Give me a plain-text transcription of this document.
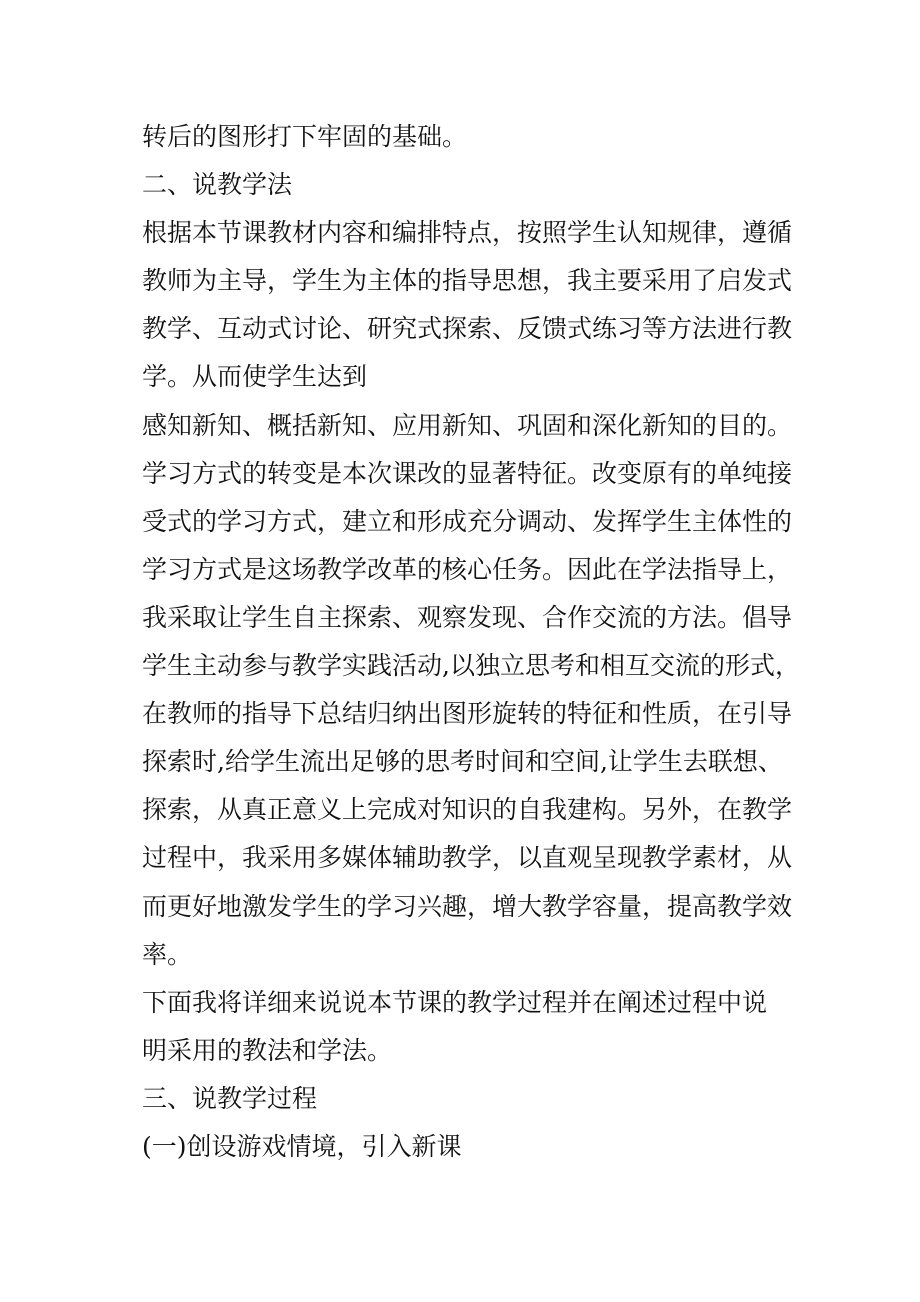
转后的图形打下牢固的基础。
二、说教学法
根据本节课教材内容和编排特点，按照学生认知规律，遵循
教师为主导，学生为主体的指导思想，我主要采用了启发式
教学、互动式讨论、研究式探索、反馈式练习等方法进行教
学。从而使学生达到
感知新知、概括新知、应用新知、巩固和深化新知的目的。
学习方式的转变是本次课改的显著特征。改变原有的单纯接
受式的学习方式，建立和形成充分调动、发挥学生主体性的
学习方式是这场教学改革的核心任务。因此在学法指导上，
我采取让学生自主探索、观察发现、合作交流的方法。倡导
学生主动参与教学实践活动,以独立思考和相互交流的形式，
在教师的指导下总结归纳出图形旋转的特征和性质，在引导
探索时,给学生流出足够的思考时间和空间,让学生去联想、
探索，从真正意义上完成对知识的自我建构。另外，在教学
过程中，我采用多媒体辅助教学，以直观呈现教学素材，从
而更好地激发学生的学习兴趣，增大教学容量，提高教学效
率。
下面我将详细来说说本节课的教学过程并在阐述过程中说
明采用的教法和学法。
三、说教学过程
(一)创设游戏情境，引入新课
